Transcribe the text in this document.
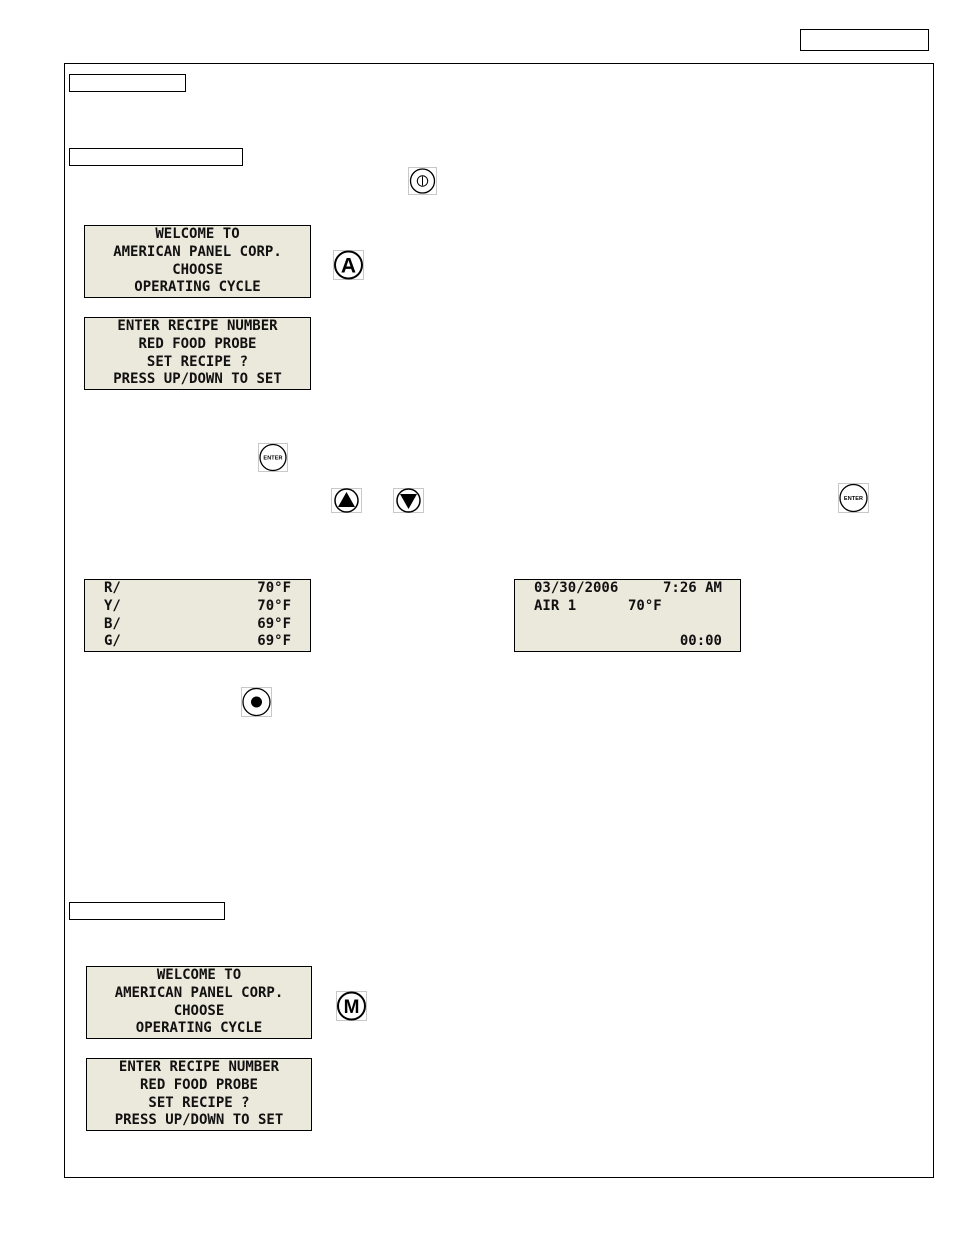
WELCOME TO
AMERICAN PANEL CORP.
CHOOSE
OPERATING CYCLE
A
ENTER RECIPE NUMBER
RED FOOD PROBE
SET RECIPE ?
PRESS UP/DOWN TO SET
ENTER
ENTER
R/	70°F
Y/	70°F
B/	69°F
G/	69°F
03/30/2006	7:26 AM
AIR 1	70°F
00:00
WELCOME TO
AMERICAN PANEL CORP.
CHOOSE
OPERATING CYCLE
M
ENTER RECIPE NUMBER
RED FOOD PROBE
SET RECIPE ?
PRESS UP/DOWN TO SET
